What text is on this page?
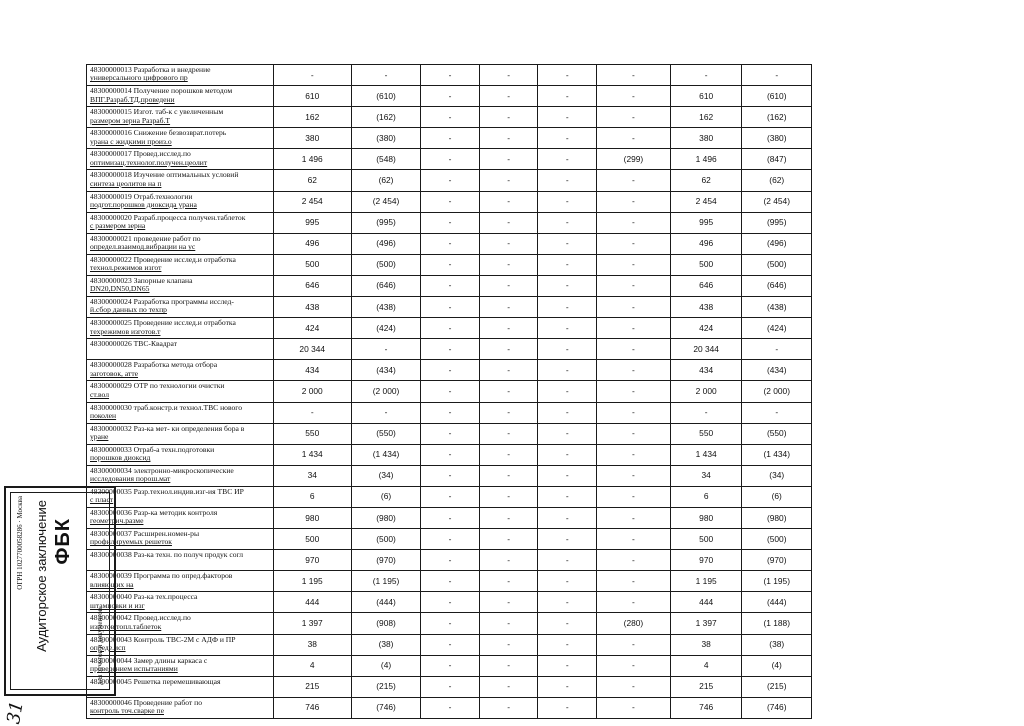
48300000013 Разработка и внедрение
универсального цифрового пр	-	-	-	-	-	-	-	-
48300000014 Получение порошков методом
ВПГ.Разраб.ТД,проведени	610	(610)	-	-	-	-	610	(610)
48300000015 Изгот. таб-к с увеличенным
размером зерна Разраб.Т	162	(162)	-	-	-	-	162	(162)
48300000016 Снижение безвозврат.потерь
урана с жидкими произ.о	380	(380)	-	-	-	-	380	(380)
48300000017 Провед.исслед.по
оптимизац.технолог.получен.цеолит	1 496	(548)	-	-	-	(299)	1 496	(847)
48300000018 Изучение оптимальных условий
синтеза цеолитов на п	62	(62)	-	-	-	-	62	(62)
48300000019 Отраб.технологии
подгот.порошков диоксида урана	2 454	(2 454)	-	-	-	-	2 454	(2 454)
48300000020 Разраб.процесса получен.таблеток
с размером зерна	995	(995)	-	-	-	-	995	(995)
48300000021 проведение работ по
определ.взаимод.вибрации на ус	496	(496)	-	-	-	-	496	(496)
48300000022 Проведение исслед.и отработка
технол.режимов изгот	500	(500)	-	-	-	-	500	(500)
48300000023 Запорные клапана
DN20,DN50,DN65	646	(646)	-	-	-	-	646	(646)
48300000024 Разработка программы исслед-
й.сбор данных по техпр	438	(438)	-	-	-	-	438	(438)
48300000025 Проведение исслед.и отработка
техрежимов изготов.т	424	(424)	-	-	-	-	424	(424)
48300000026 ТВС-Квадрат	20 344	-	-	-	-	-	20 344	-
48300000028 Разработка метода отбора
заготовок, атте	434	(434)	-	-	-	-	434	(434)
48300000029 ОТР по технологии очистки
ст.вол	2 000	(2 000)	-	-	-	-	2 000	(2 000)
48300000030 траб.констр.и технол.ТВС нового
поколен	-	-	-	-	-	-	-	-
48300000032 Раз-ка мет- ки определения бора в
уране	550	(550)	-	-	-	-	550	(550)
48300000033 Отраб-а техн.подготовки
порошков диоксид	1 434	(1 434)	-	-	-	-	1 434	(1 434)
48300000034 электронно-микроскопические
исследования порош.мат	34	(34)	-	-	-	-	34	(34)
48300000035 Разр.технол.индив.изг-ия ТВС ИР
с пласт	6	(6)	-	-	-	-	6	(6)
48300000036 Разр-ка методик контроля
геометрич.разме	980	(980)	-	-	-	-	980	(980)
48300000037 Расширен.номен-ры
профилируемых решеток	500	(500)	-	-	-	-	500	(500)
48300000038 Раз-ка техн. по получ продук согл	970	(970)	-	-	-	-	970	(970)
48300000039 Программа по опред.факторов
влияющих на	1 195	(1 195)	-	-	-	-	1 195	(1 195)
48300000040 Раз-ка тех.процесса
штамповки и изг	444	(444)	-	-	-	-	444	(444)
48300000042 Провед.исслед.по
изготов.топл.таблеток	1 397	(908)	-	-	-	(280)	1 397	(1 188)
48300000043 Контроль ТВС-2М с АДФ и ПР
опреде.исп	38	(38)	-	-	-	-	38	(38)
48300000044 Замер длины каркаса с
проведением испытаниями	4	(4)	-	-	-	-	4	(4)
48300000045 Решетка перемешивающая	215	(215)	-	-	-	-	215	(215)
48300000046 Проведение работ по
контроль точ.сварке пе	746	(746)	-	-	-	-	746	(746)
ФБК
Аудиторское заключение
ОГРН 1027700058286 · Москва
для отчетов и документов
31
